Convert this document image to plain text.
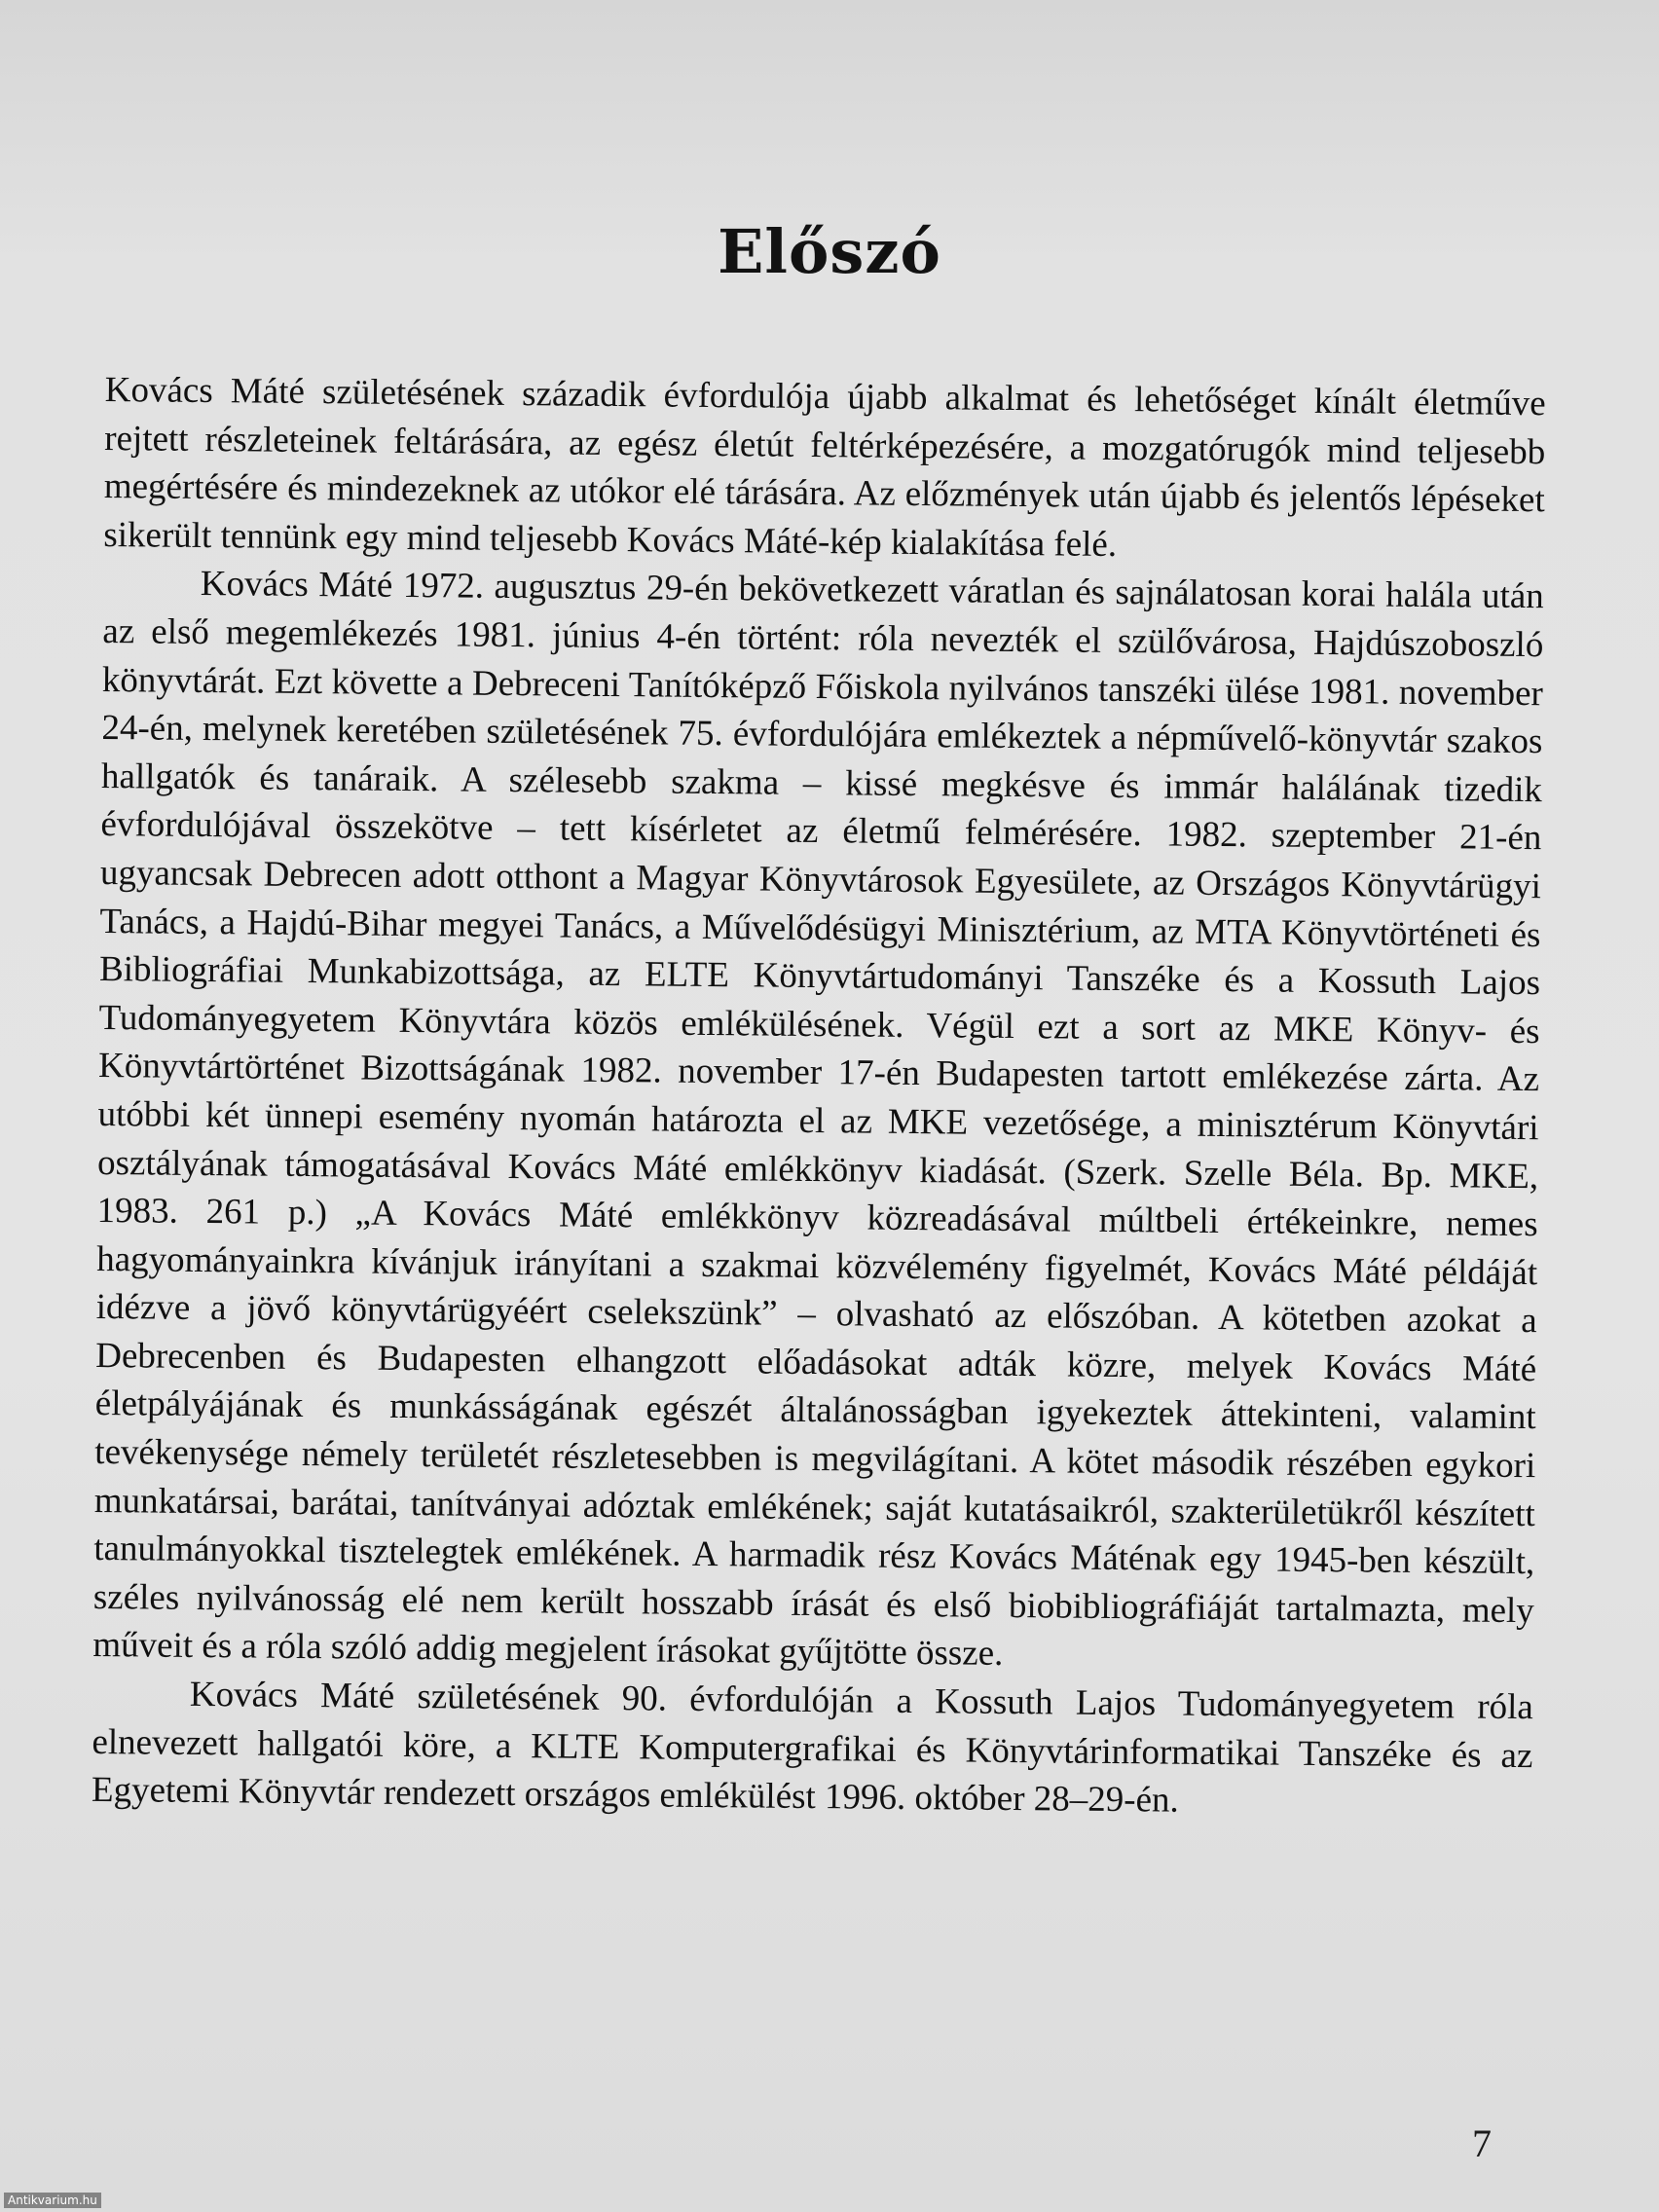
Előszó

Kovács Máté születésének századik évfordulója újabb alkalmat és lehetőséget kínált életműve rejtett részleteinek feltárására, az egész életút feltérképezésére, a mozgatórugók mind teljesebb megértésére és mindezeknek az utókor elé tárására. Az előzmények után újabb és jelentős lépéseket sikerült tennünk egy mind teljesebb Kovács Máté-kép kialakítása felé.

Kovács Máté 1972. augusztus 29-én bekövetkezett váratlan és sajnálatosan korai halála után az első megemlékezés 1981. június 4-én történt: róla nevezték el szülővárosa, Hajdúszoboszló könyvtárát. Ezt követte a Debreceni Tanítóképző Főiskola nyilvános tanszéki ülése 1981. november 24-én, melynek keretében születésének 75. évfordulójára emlékeztek a népművelő-könyvtár szakos hallgatók és tanáraik. A szélesebb szakma – kissé megkésve és immár halálának tizedik évfordulójával összekötve – tett kísérletet az életmű felmérésére. 1982. szeptember 21-én ugyancsak Debrecen adott otthont a Magyar Könyvtárosok Egyesülete, az Országos Könyvtárügyi Tanács, a Hajdú-Bihar megyei Tanács, a Művelődésügyi Minisztérium, az MTA Könyvtörténeti és Bibliográfiai Munkabizottsága, az ELTE Könyvtártudományi Tanszéke és a Kossuth Lajos Tudományegyetem Könyvtára közös emlékülésének. Végül ezt a sort az MKE Könyv- és Könyvtártörténet Bizottságának 1982. november 17-én Budapesten tartott emlékezése zárta. Az utóbbi két ünnepi esemény nyomán határozta el az MKE vezetősége, a minisztérum Könyvtári osztályának támogatásával Kovács Máté emlékkönyv kiadását. (Szerk. Szelle Béla. Bp. MKE, 1983. 261 p.) „A Kovács Máté emlékkönyv közreadásával múltbeli értékeinkre, nemes hagyományainkra kívánjuk irányítani a szakmai közvélemény figyelmét, Kovács Máté példáját idézve a jövő könyvtárügyéért cselekszünk” – olvasható az előszóban. A kötetben azokat a Debrecenben és Budapesten elhangzott előadásokat adták közre, melyek Kovács Máté életpályájának és munkásságának egészét általánosságban igyekeztek áttekinteni, valamint tevékenysége némely területét részletesebben is megvilágítani. A kötet második részében egykori munkatársai, barátai, tanítványai adóztak emlékének; saját kutatásaikról, szakterületükről készített tanulmányokkal tisztelegtek emlékének. A harmadik rész Kovács Máténak egy 1945-ben készült, széles nyilvánosság elé nem került hosszabb írását és első biobibliográfiáját tartalmazta, mely műveit és a róla szóló addig megjelent írásokat gyűjtötte össze.

Kovács Máté születésének 90. évfordulóján a Kossuth Lajos Tudományegyetem róla elnevezett hallgatói köre, a KLTE Komputergrafikai és Könyvtárinformatikai Tanszéke és az Egyetemi Könyvtár rendezett országos emlékülést 1996. október 28–29-én.

7
Antikvarium.hu
